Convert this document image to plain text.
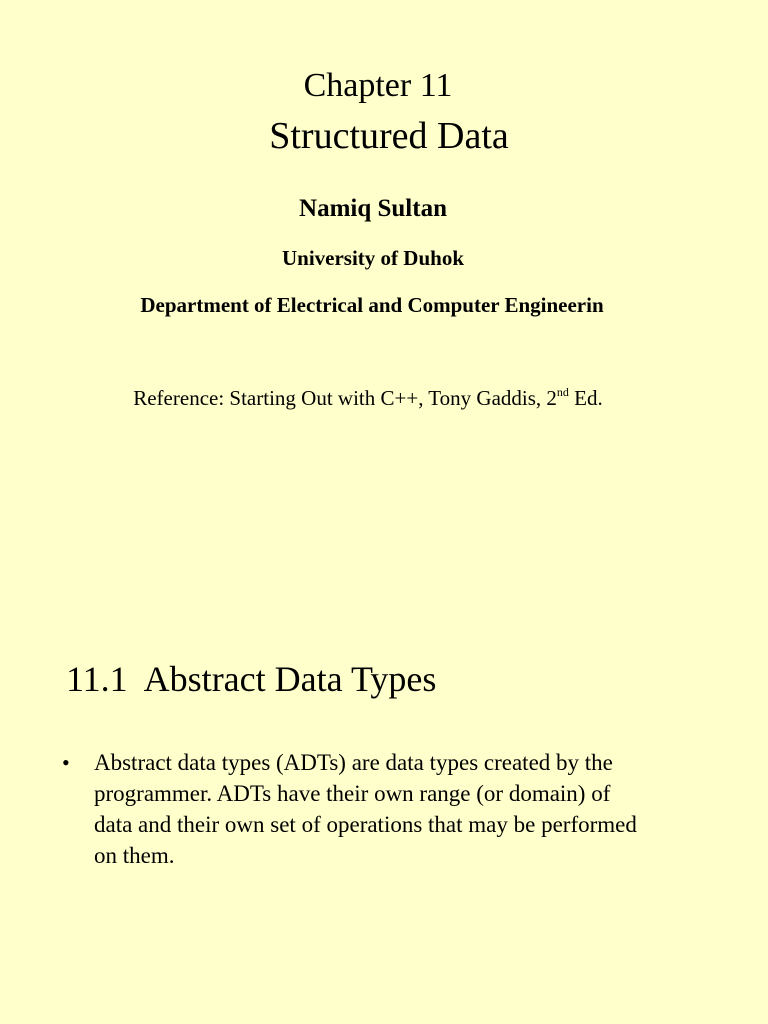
Chapter 11
Structured Data
Namiq Sultan
University of Duhok
Department of Electrical and Computer Engineerin
Reference: Starting Out with C++, Tony Gaddis, 2nd Ed.
11.1  Abstract Data Types
• Abstract data types (ADTs) are data types created by the
programmer. ADTs have their own range (or domain) of
data and their own set of operations that may be performed
on them.
